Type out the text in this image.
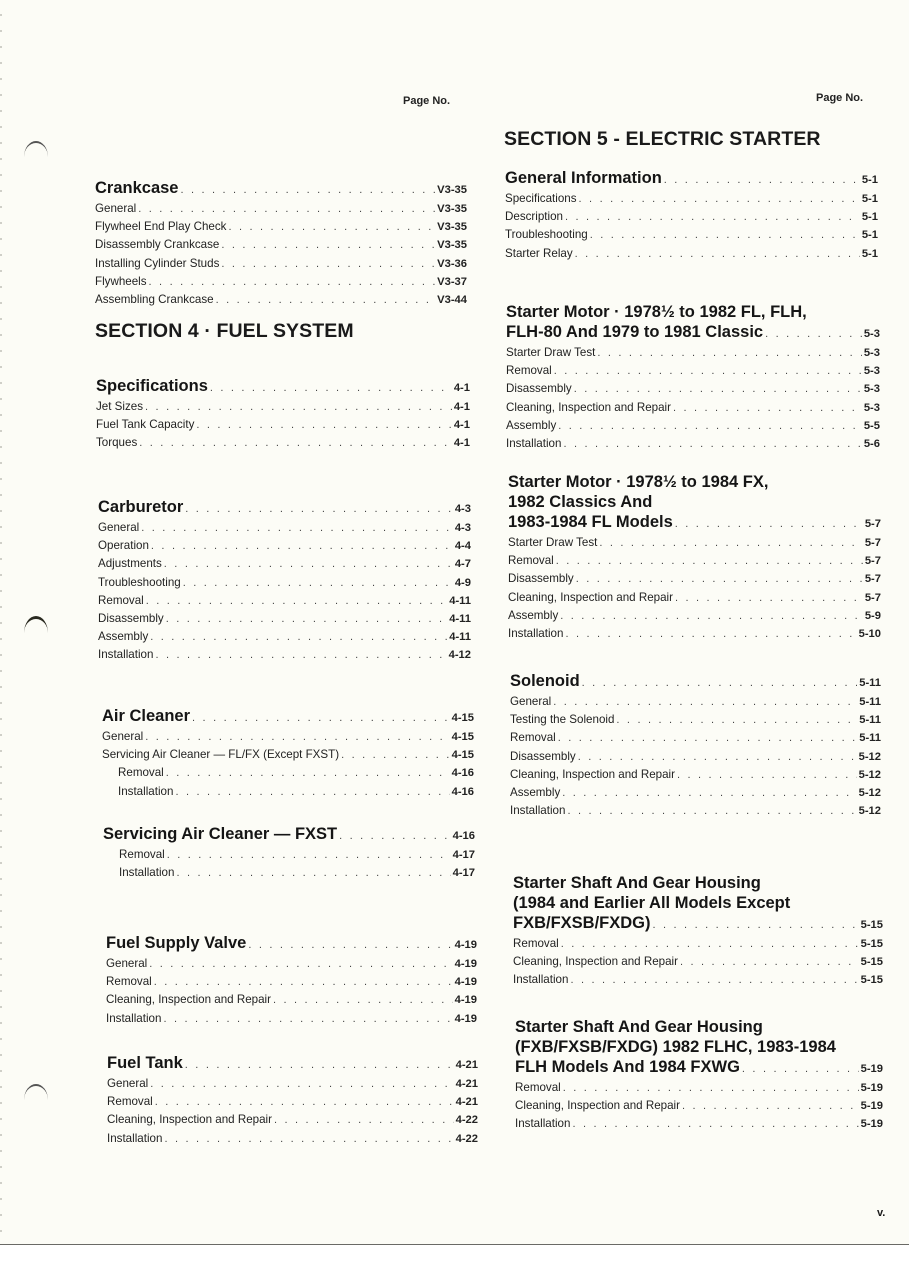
Page No.	Page No.
Crankcase . . .	V3-35
General . . .	V3-35
Flywheel End Play Check . . .	V3-35
Disassembly Crankcase . . .	V3-35
Installing Cylinder Studs . . .	V3-36
Flywheels . . .	V3-37
Assembling Crankcase . . .	V3-44
SECTION 4 · FUEL SYSTEM
Specifications . . .	4-1
Jet Sizes . . .	4-1
Fuel Tank Capacity . . .	4-1
Torques . . .	4-1
Carburetor . . .	4-3
General . . .	4-3
Operation . . .	4-4
Adjustments . . .	4-7
Troubleshooting . . .	4-9
Removal . . .	4-11
Disassembly . . .	4-11
Assembly . . .	4-11
Installation . . .	4-12
Air Cleaner . . .	4-15
General . . .	4-15
Servicing Air Cleaner — FL/FX (Except FXST) . . .	4-15
Removal . . .	4-16
Installation . . .	4-16
Servicing Air Cleaner — FXST . . .	4-16
Removal . . .	4-17
Installation . . .	4-17
Fuel Supply Valve . . .	4-19
General . . .	4-19
Removal . . .	4-19
Cleaning, Inspection and Repair . . .	4-19
Installation . . .	4-19
Fuel Tank . . .	4-21
General . . .	4-21
Removal . . .	4-21
Cleaning, Inspection and Repair . . .	4-22
Installation . . .	4-22
SECTION 5 - ELECTRIC STARTER
General Information . . .	5-1
Specifications . . .	5-1
Description . . .	5-1
Troubleshooting . . .	5-1
Starter Relay . . .	5-1
Starter Motor · 1978½ to 1982 FL, FLH,
FLH-80 And 1979 to 1981 Classic . . .	5-3
Starter Draw Test . . .	5-3
Removal . . .	5-3
Disassembly . . .	5-3
Cleaning, Inspection and Repair . . .	5-3
Assembly . . .	5-5
Installation . . .	5-6
Starter Motor · 1978½ to 1984 FX,
1982 Classics And
1983-1984 FL Models . . .	5-7
Starter Draw Test . . .	5-7
Removal . . .	5-7
Disassembly . . .	5-7
Cleaning, Inspection and Repair . . .	5-7
Assembly . . .	5-9
Installation . . .	5-10
Solenoid . . .	5-11
General . . .	5-11
Testing the Solenoid . . .	5-11
Removal . . .	5-11
Disassembly . . .	5-12
Cleaning, Inspection and Repair . . .	5-12
Assembly . . .	5-12
Installation . . .	5-12
Starter Shaft And Gear Housing
(1984 and Earlier All Models Except
FXB/FXSB/FXDG) . . .	5-15
Removal . . .	5-15
Cleaning, Inspection and Repair . . .	5-15
Installation . . .	5-15
Starter Shaft And Gear Housing
(FXB/FXSB/FXDG) 1982 FLHC, 1983-1984
FLH Models And 1984 FXWG . . .	5-19
Removal . . .	5-19
Cleaning, Inspection and Repair . . .	5-19
Installation . . .	5-19
v.
